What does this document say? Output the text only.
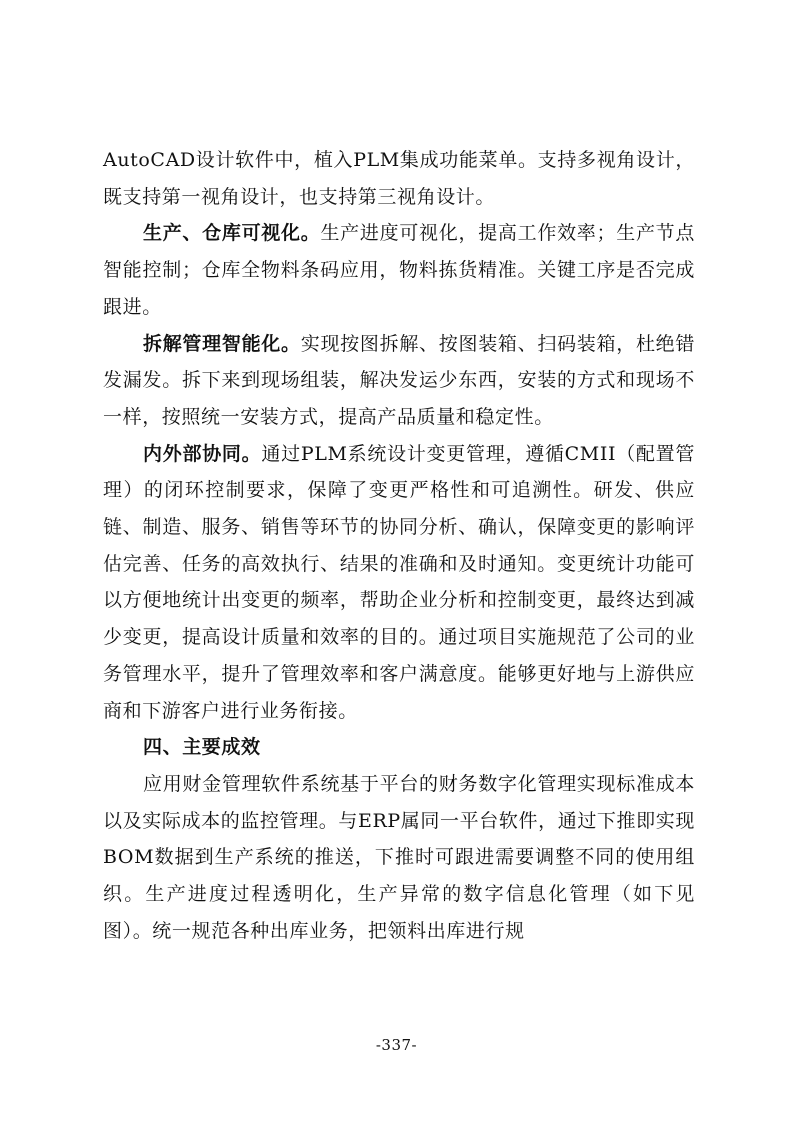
AutoCAD设计软件中，植入PLM集成功能菜单。支持多视角设计，既支持第一视角设计，也支持第三视角设计。

生产、仓库可视化。生产进度可视化，提高工作效率；生产节点智能控制；仓库全物料条码应用，物料拣货精准。关键工序是否完成跟进。

拆解管理智能化。实现按图拆解、按图装箱、扫码装箱，杜绝错发漏发。拆下来到现场组装，解决发运少东西，安装的方式和现场不一样，按照统一安装方式，提高产品质量和稳定性。

内外部协同。通过PLM系统设计变更管理，遵循CMII（配置管理）的闭环控制要求，保障了变更严格性和可追溯性。研发、供应链、制造、服务、销售等环节的协同分析、确认，保障变更的影响评估完善、任务的高效执行、结果的准确和及时通知。变更统计功能可以方便地统计出变更的频率，帮助企业分析和控制变更，最终达到减少变更，提高设计质量和效率的目的。通过项目实施规范了公司的业务管理水平，提升了管理效率和客户满意度。能够更好地与上游供应商和下游客户进行业务衔接。

四、主要成效

应用财金管理软件系统基于平台的财务数字化管理实现标准成本以及实际成本的监控管理。与ERP属同一平台软件，通过下推即实现BOM数据到生产系统的推送，下推时可跟进需要调整不同的使用组织。生产进度过程透明化，生产异常的数字信息化管理（如下见图）。统一规范各种出库业务，把领料出库进行规

-337-
